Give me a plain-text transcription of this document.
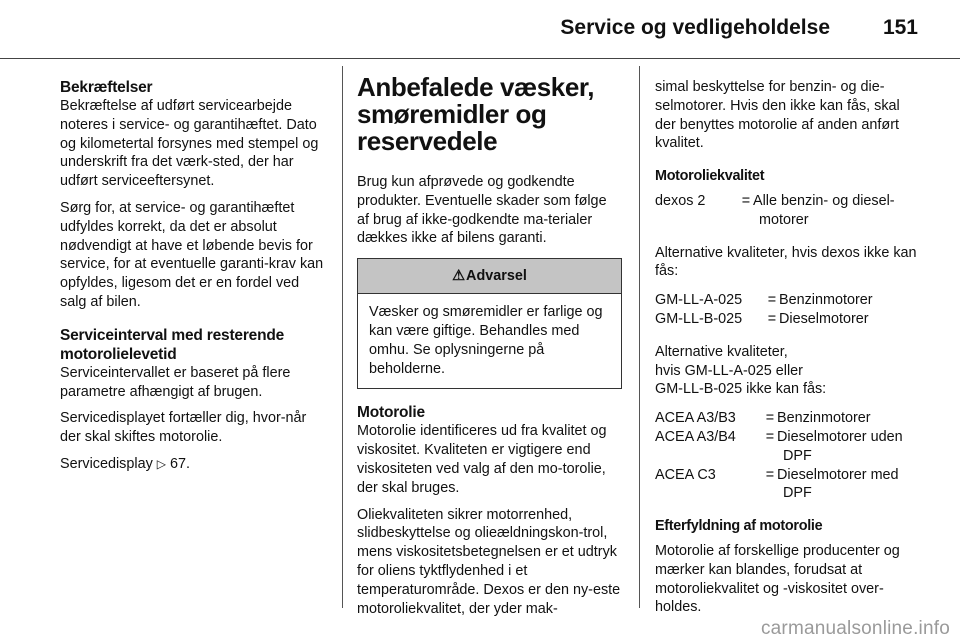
Service og vedligeholdelse	151
Bekræftelser

Bekræftelse af udført servicearbejde noteres i service- og garantihæftet. Dato og kilometertal forsynes med stempel og underskrift fra det værk-sted, der har udført serviceeftersynet.

Sørg for, at service- og garantihæftet udfyldes korrekt, da det er absolut nødvendigt at have et løbende bevis for service, for at eventuelle garanti-krav kan opfyldes, ligesom det er en fordel ved salg af bilen.

Serviceinterval med resterende motorolielevetid

Serviceintervallet er baseret på flere parametre afhængigt af brugen.

Servicedisplayet fortæller dig, hvor-når der skal skiftes motorolie.

Servicedisplay ▷ 67.

Anbefalede væsker, smøremidler og reservedele

Brug kun afprøvede og godkendte produkter. Eventuelle skader som følge af brug af ikke-godkendte ma-terialer dækkes ikke af bilens garanti.

⚠Advarsel
Væsker og smøremidler er farlige og kan være giftige. Behandles med omhu. Se oplysningerne på beholderne.
Motorolie

Motorolie identificeres ud fra kvalitet og viskositet. Kvaliteten er vigtigere end viskositeten ved valg af den mo-torolie, der skal bruges.

Oliekvaliteten sikrer motorrenhed, slidbeskyttelse og olieældningskon-trol, mens viskositetsbetegnelsen er et udtryk for oliens tyktflydenhed i et temperaturområde. Dexos er den ny-este motoroliekvalitet, der yder mak-

simal beskyttelse for benzin- og die-selmotorer. Hvis den ikke kan fås, skal der benyttes motorolie af anden anført kvalitet.

Motoroliekvalitet
dexos 2	= Alle benzin- og diesel-motorer

Alternative kvaliteter, hvis dexos ikke kan fås:

GM-LL-A-025	= Benzinmotorer
GM-LL-B-025	= Dieselmotorer

Alternative kvaliteter,
hvis GM-LL-A-025 eller
GM-LL-B-025 ikke kan fås:

ACEA A3/B3	= Benzinmotorer
ACEA A3/B4	= Dieselmotorer uden DPF
ACEA C3	= Dieselmotorer med DPF
Efterfyldning af motorolie

Motorolie af forskellige producenter og mærker kan blandes, forudsat at motoroliekvalitet og -viskositet over-holdes.

carmanualsonline.info
